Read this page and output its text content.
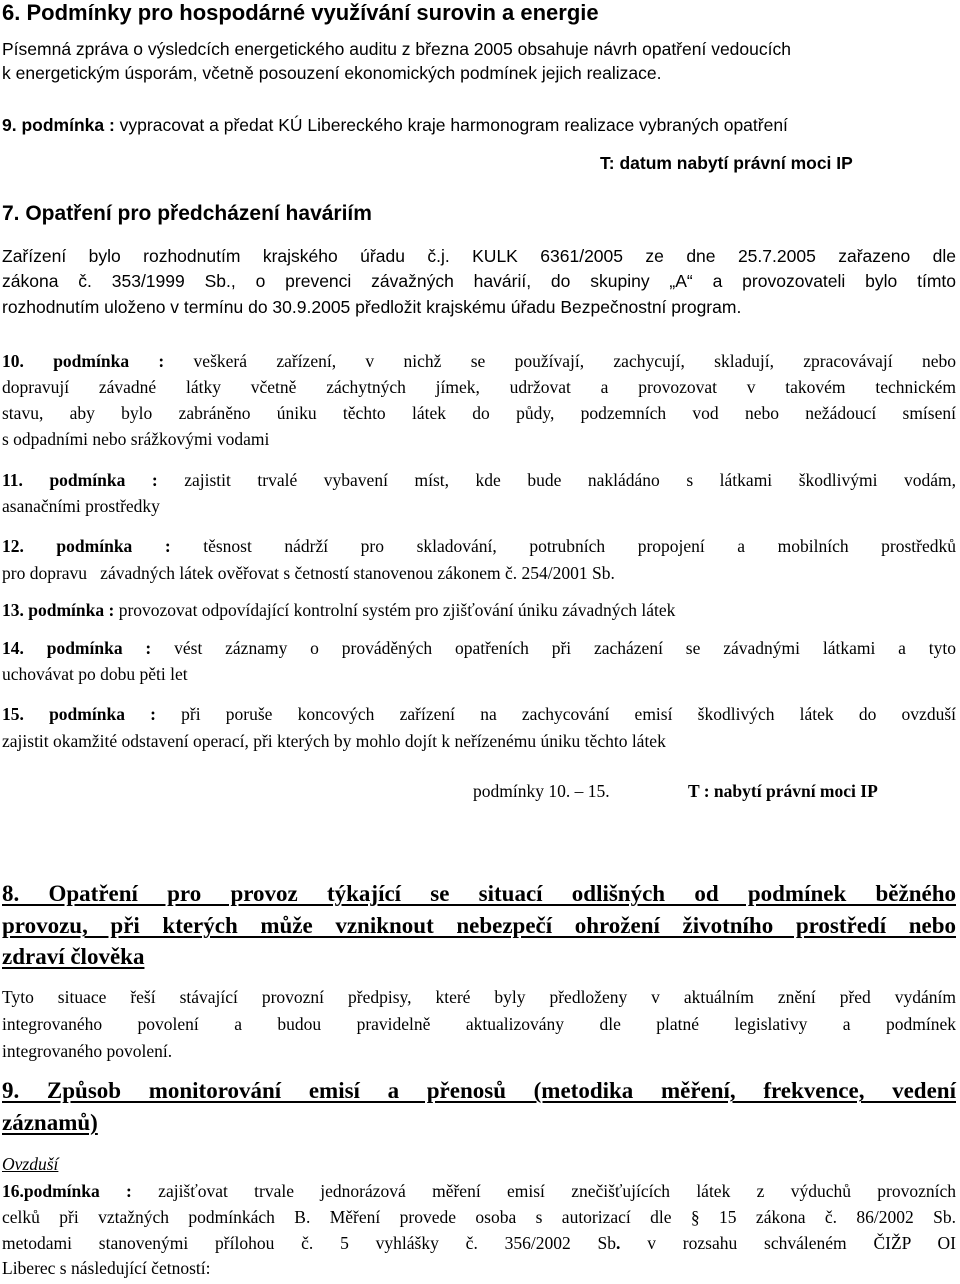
6. Podmínky pro hospodárné využívání surovin a energie
Písemná zpráva o výsledcích energetického auditu z března 2005 obsahuje návrh opatření vedoucích
k energetickým úsporám, včetně posouzení ekonomických podmínek jejich realizace.
9. podmínka : vypracovat a předat KÚ Libereckého kraje harmonogram realizace vybraných opatření
T: datum nabytí právní moci IP
7. Opatření pro předcházení haváriím
Zařízení bylo rozhodnutím krajského úřadu č.j. KULK 6361/2005 ze dne 25.7.2005 zařazeno dle
zákona č. 353/1999 Sb., o prevenci závažných havárií, do skupiny „A“ a provozovateli bylo tímto
rozhodnutím uloženo v termínu do 30.9.2005 předložit krajskému úřadu Bezpečnostní program.
10. podmínka : veškerá zařízení, v nichž se používají, zachycují, skladují, zpracovávají nebo
dopravují závadné látky včetně záchytných jímek, udržovat a provozovat v takovém technickém
stavu, aby bylo zabráněno úniku těchto látek do půdy, podzemních vod nebo nežádoucí smísení
s odpadními nebo srážkovými vodami
11. podmínka : zajistit trvalé vybavení míst, kde bude nakládáno s látkami škodlivými vodám,
asanačními prostředky
12. podmínka : těsnost nádrží pro skladování, potrubních propojení a mobilních prostředků
pro dopravu   závadných látek ověřovat s četností stanovenou zákonem č. 254/2001 Sb.
13. podmínka : provozovat odpovídající kontrolní systém pro zjišťování úniku závadných látek
14. podmínka : vést záznamy o prováděných opatřeních při zacházení se závadnými látkami a tyto
uchovávat po dobu pěti let
15. podmínka : při poruše koncových zařízení na zachycování emisí škodlivých látek do ovzduší
zajistit okamžité odstavení operací, při kterých by mohlo dojít k neřízenému úniku těchto látek
podmínky 10. – 15.	T : nabytí právní moci IP
8. Opatření pro provoz týkající se situací odlišných od podmínek běžného
provozu, při kterých může vzniknout nebezpečí ohrožení životního prostředí nebo
zdraví člověka
Tyto situace řeší stávající provozní předpisy, které byly předloženy v aktuálním znění před vydáním
integrovaného povolení a budou pravidelně aktualizovány dle platné legislativy a podmínek
integrovaného povolení.
9. Způsob monitorování emisí a přenosů (metodika měření, frekvence, vedení
záznamů)
Ovzduší
16.podmínka : zajišťovat trvale jednorázová měření emisí znečišťujících látek z výduchů provozních
celků při vztažných podmínkách B. Měření provede osoba s autorizací dle § 15 zákona č. 86/2002 Sb.
metodami stanovenými přílohou č. 5 vyhlášky č. 356/2002 Sb. v rozsahu schváleném ČIŽP OI
Liberec s následující četností:
